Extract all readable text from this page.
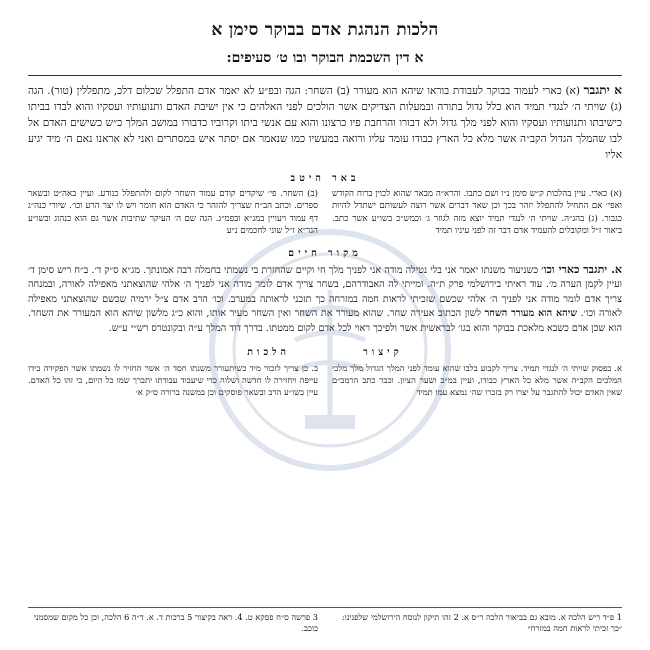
הלכות הנהגת אדם בבוקר סימן א
א דין השכמת הבוקר ובו ט׳ סעיפים:
א יתגבר (א) כארי לעמוד בבוקר לעבודת בוראו שיהא הוא מעורר (ב) השחר: הגה ובפ״ע לא יאמר אדם התפלל שכלום דלכ, מתפללין (טור). הגה (ג) שויתי ה׳ לנגדי תמיד הוא כלל גדול בתורה ובמעלות הצדיקים אשר הולכים לפני האלהים כי אין ישיבת האדם ותנועותיו ועסקיו והוא לבדו בביתו כישיבתו ותנועותיו ועסקיו והוא לפני מלך גדול ולא דבורו והרחבת פיו כרצונו והוא עם אנשי ביתו וקרוביו כדבורו במושב המלך כ״ש כשישים האדם אל לבו שהמלך הגדול הקב״ה אשר מלא כל הארץ כבודו עומד עליו ורואה במעשיו כמו שנאמר אם יסתר איש במסתרים ואני לא אראנו נאם ה׳ מיד יגיע אליו
באר היטב
(א) כארי. עיין בהלכות ק״ש סימן נ״ו ושם כתבו. והרא״ה מבאר שהוא לכוין ברוח הקודש ואפי׳ אם התחיל להתפלל יזהר בכך וכן שאר דברים אשר רוצה לעשותם ישתדל להיות כגבור. (ג) בהג״ה. שויתי ה׳ לנגדי תמיד יוצא מזה לגוזר ג׳ וכמש״כ בשו״ע אשר כתב. ביאור ז״ל ומקובלים להעמיד אדם דבר זה לפני עיניו תמיד
(ב) השחר. פי׳ שיקדים קודם עמוד השחר לקום ולהתפלל כנודע. ועיין באה״ט ובשאר ספרים. וכתב הב״ח שצריך להזהר כי האדם הוא חומר ויש לו יצר הרע וכו׳. שיורי כנה״ג דף עמוד ויעויין במג״א ובפמ״ג. הגה שם ה׳ העיקר שתיבות אשר גם הוא כנהוג ובשו״ע הגר״א ז״ל שוני לחכמים נ״ע
מקור חיים
א. יתגבר כארי וכו׳ כשניעור משנתו יאמר אני בלי נטילה מודה אני לפניך מלך חי וקיים שהחזרת בי נשמתי בחמלה רבה אמונתך. מג״א ס״ק ד׳. ב״ח ריש סימן ד׳ ועיין לקמן הערה מ׳. עוד ראיתי בירושלמי פרק ת״ה. ומייתי לה האבודרהם, בשחר צריך אדם לומר מודה אני לפניך ה׳ אלהי שהוצאתני מאפילה לאורה, ובמנחה צריך אדם לומר מודה אני לפניך ה׳ אלהי שכשם שזכיתי לראות חמה במזרחה כך תזכני לראותה במערב. וכו׳ הרב אדם צ״ל ירמיה שכשם שהוצאתני מאפילה לאורה וכו׳. שיהא הוא מעורר השחר לשון הכתוב אעירה שחר. שהוא מעורר את השחר ואין השחר מעיר אותו, והוא כ״ג מלשון שיהא הוא המעורר את השחר. הוא שכן אדם כשבא מלאכת בבוקר והוא בגו׳ לבראשית אשר ולפיכך ראוי לכל אדם לקום ממטתו. בדרך דוד המלך ע״ה ובקונטרס רש״י ע״ש.
קיצור          הלכות
א. בפסוק שויתי ה׳ לנגדי תמיד. צריך לקבוע בלבו שהוא עומד לפני המלך הגדול מלך מלכי המלכים הקב״ה אשר מלא כל הארץ כבודו, ועיין במ״ב ושער הציון. וכבר כתב הרמב״ם שאין האדם יכול להתגבר על יצרו רק בזכרו שה׳ נמצא עמו תמיד
ב. כן צריך לזכור מיד כשיתעורר משנתו חסד ה׳ אשר החזיר לו נשמתו אשר הפקידה בידו עייפה ויחזירה לו חדשה ושלוה כדי שיעבוד עבודתו יתברך שמו כל היום, כי זהו כל האדם. עיין בשו״ע הרב ובשאר פוסקים וכן במשנה ברורה ס״ק א׳
1 פ״ד ריש הלכה א. מובא גם בביאור הלכה ר״ס א. 2 זהו תיקון לנוסח הירושלמי שלפנינו: ״כך זכיתי לראות חמה במזרח״
3 פרשה ס״ח פסקא ט. 4. ראה בקיצור 5 ברכות ד. א. ד״ה 6 הלכה, וכן כל מקום שמסמני כוכב.
